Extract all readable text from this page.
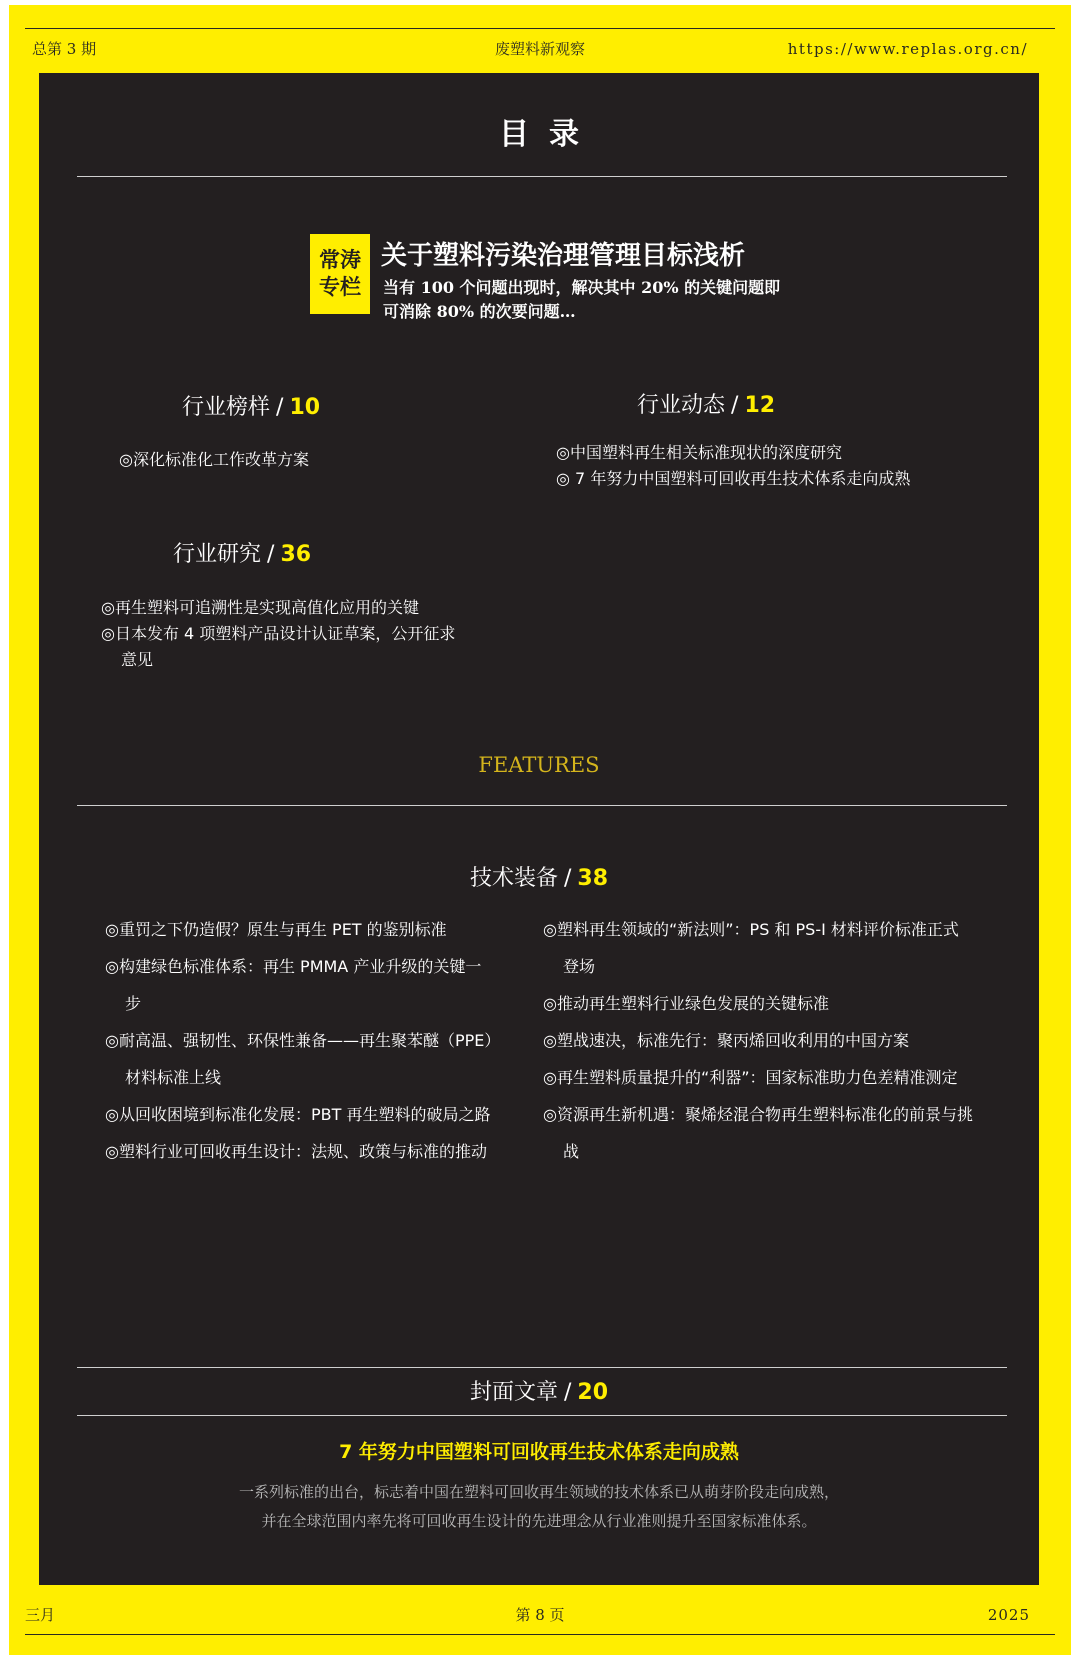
总第 3 期	废塑料新观察	https://www.replas.org.cn/
目录
常涛
专栏
关于塑料污染治理管理目标浅析
当有 100 个问题出现时，解决其中 20% 的关键问题即可消除 80% 的次要问题…
行业榜样 / 10
◎深化标准化工作改革方案
行业动态 / 12
◎中国塑料再生相关标准现状的深度研究
◎ 7 年努力中国塑料可回收再生技术体系走向成熟
行业研究 / 36
◎再生塑料可追溯性是实现高值化应用的关键
◎日本发布 4 项塑料产品设计认证草案，公开征求意见
FEATURES
技术装备 / 38
◎重罚之下仍造假？原生与再生 PET 的鉴别标准
◎构建绿色标准体系：再生 PMMA 产业升级的关键一步
◎耐高温、强韧性、环保性兼备——再生聚苯醚（PPE）材料标准上线
◎从回收困境到标准化发展：PBT 再生塑料的破局之路
◎塑料行业可回收再生设计：法规、政策与标准的推动
◎塑料再生领域的“新法则”：PS 和 PS-I 材料评价标准正式登场
◎推动再生塑料行业绿色发展的关键标准
◎塑战速决，标准先行：聚丙烯回收利用的中国方案
◎再生塑料质量提升的“利器”：国家标准助力色差精准测定
◎资源再生新机遇：聚烯烃混合物再生塑料标准化的前景与挑战
封面文章 / 20
7 年努力中国塑料可回收再生技术体系走向成熟
一系列标准的出台，标志着中国在塑料可回收再生领域的技术体系已从萌芽阶段走向成熟，
并在全球范围内率先将可回收再生设计的先进理念从行业准则提升至国家标准体系。
三月	第 8 页	2025
